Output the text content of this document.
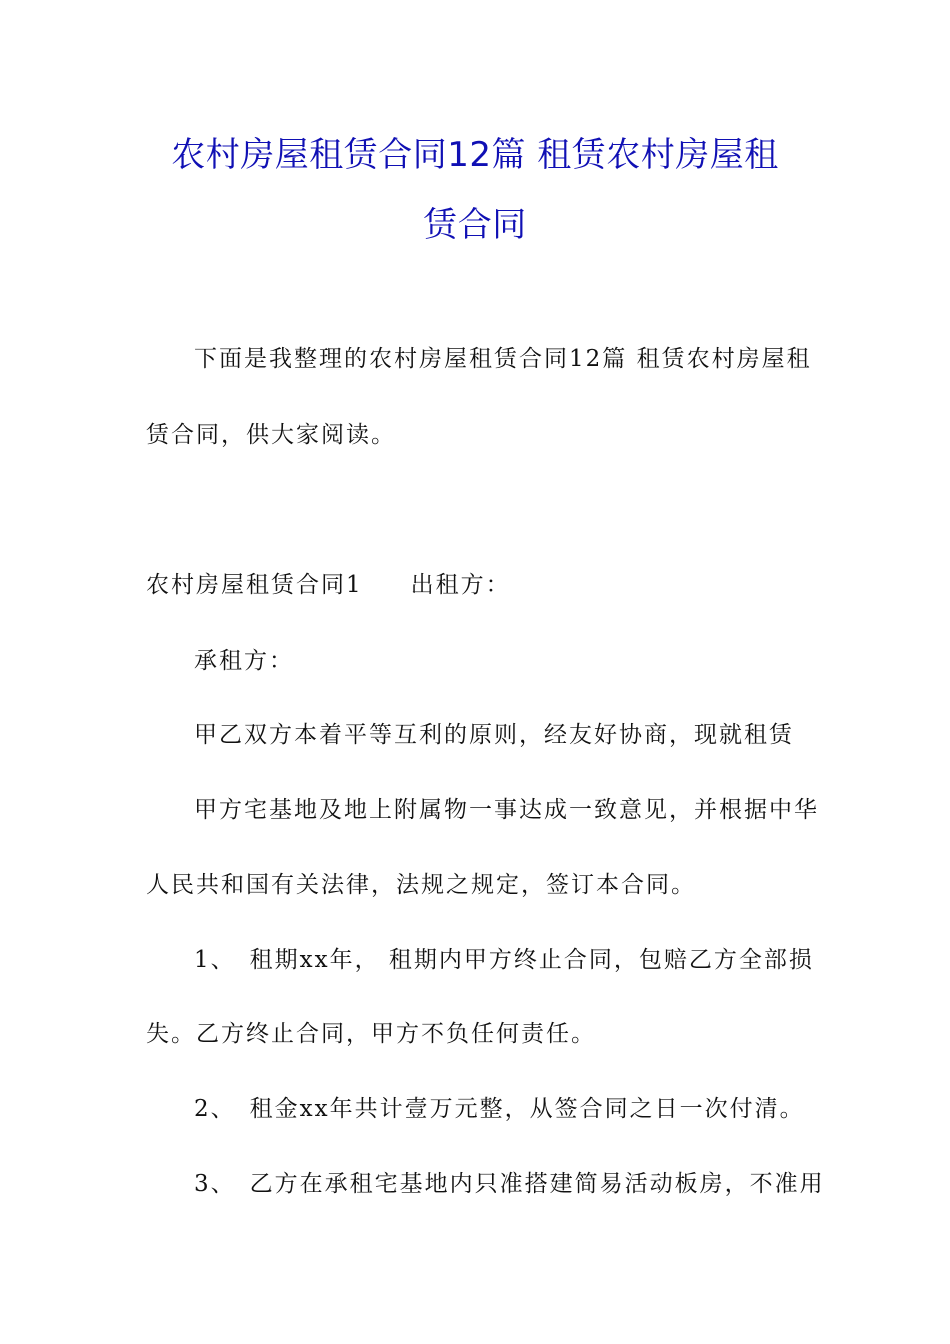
农村房屋租赁合同12篇 租赁农村房屋租
赁合同
下面是我整理的农村房屋租赁合同12篇 租赁农村房屋租
赁合同，供大家阅读。
农村房屋租赁合同1 出租方：
承租方：
甲乙双方本着平等互利的原则，经友好协商，现就租赁
甲方宅基地及地上附属物一事达成一致意见，并根据中华
人民共和国有关法律，法规之规定，签订本合同。
1、 租期xx年， 租期内甲方终止合同，包赔乙方全部损
失。乙方终止合同，甲方不负任何责任。
2、 租金xx年共计壹万元整，从签合同之日一次付清。
3、 乙方在承租宅基地内只准搭建简易活动板房，不准用
